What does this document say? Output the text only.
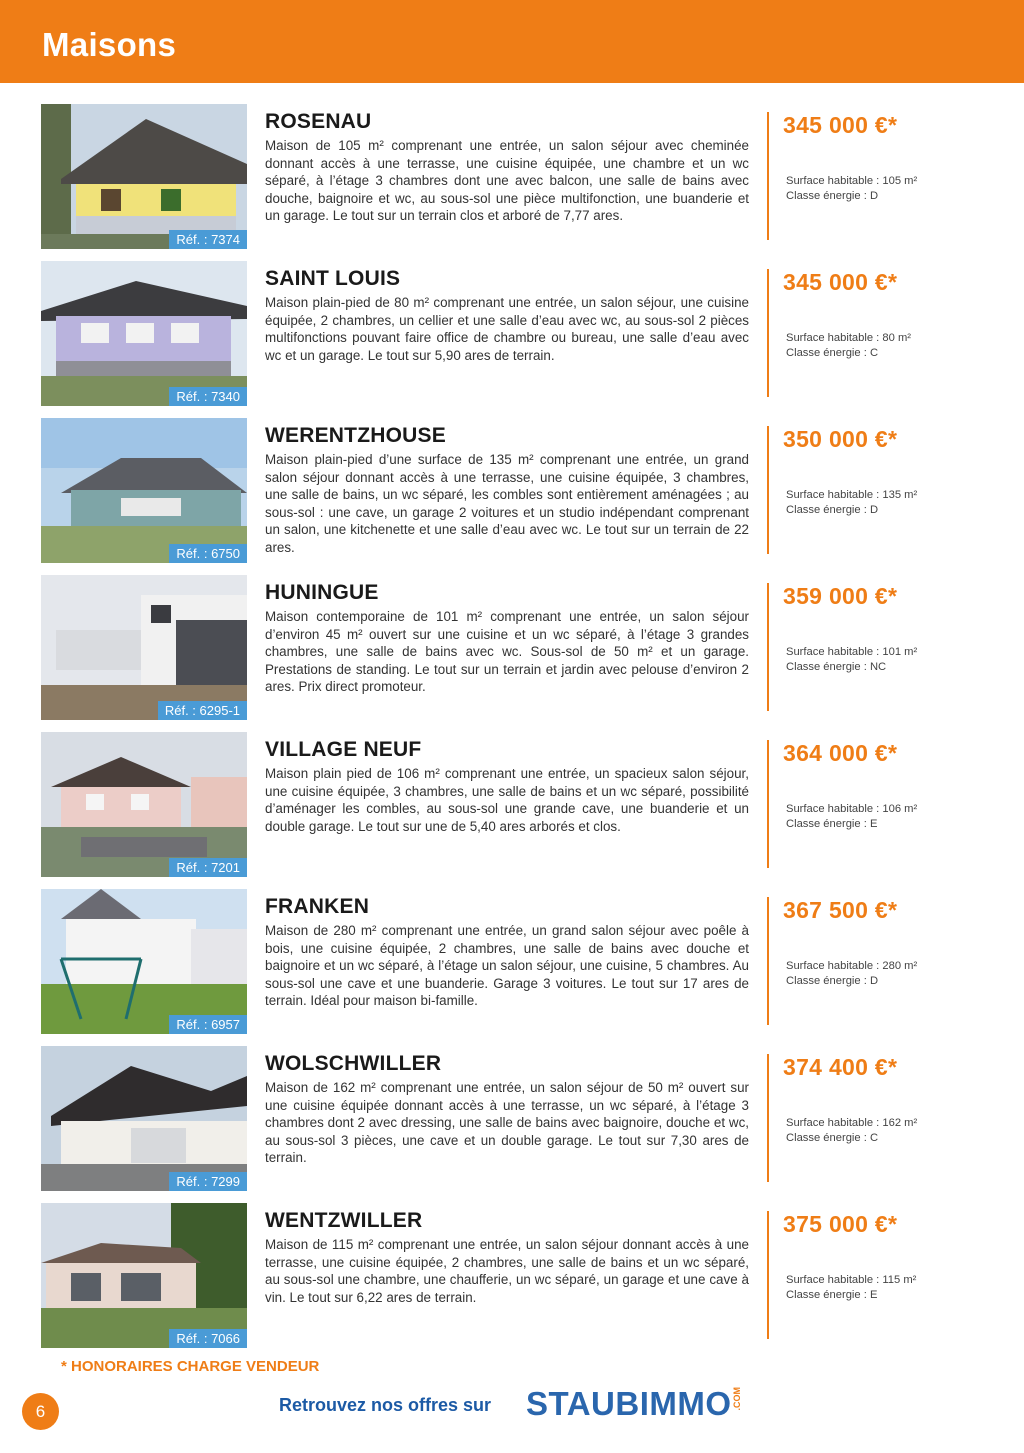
Maisons
Réf. : 7374
ROSENAU
Maison de 105 m² comprenant une entrée, un salon séjour avec cheminée donnant accès à une terrasse, une cuisine équipée, une chambre et un wc séparé, à l’étage 3 chambres dont une avec balcon, une salle de bains avec douche, baignoire et wc, au sous-sol une pièce multifonction, une buanderie et un garage. Le tout sur un terrain clos et arboré de 7,77 ares.
345 000 €*
Surface habitable : 105 m²
Classe énergie : D
Réf. : 7340
SAINT LOUIS
Maison plain-pied de 80 m² comprenant une entrée, un salon séjour, une cuisine équipée, 2 chambres, un cellier et une salle d’eau avec wc, au sous-sol 2 pièces multifonctions pouvant faire office de chambre ou bureau, une salle d’eau avec wc et un garage. Le tout sur 5,90 ares de terrain.
345 000 €*
Surface habitable : 80 m²
Classe énergie : C
Réf. : 6750
WERENTZHOUSE
Maison plain-pied d’une surface de 135 m² comprenant une entrée, un grand salon séjour donnant accès à une terrasse, une cuisine équipée, 3 chambres, une salle de bains, un wc séparé, les combles sont entièrement aménagées ; au sous-sol : une cave, un garage 2 voitures et un studio indépendant comprenant un salon, une kitchenette et une salle d’eau avec wc. Le tout sur un terrain de 22 ares.
350 000 €*
Surface habitable : 135 m²
Classe énergie : D
Réf. : 6295-1
HUNINGUE
Maison contemporaine de 101 m² comprenant une entrée, un salon séjour d’environ 45 m² ouvert sur une cuisine et un wc séparé, à l’étage 3 grandes chambres, une salle de bains avec wc. Sous-sol de 50 m² et un garage. Prestations de standing. Le tout sur un terrain et jardin avec pelouse d’environ 2 ares. Prix direct promoteur.
359 000 €*
Surface habitable : 101 m²
Classe énergie : NC
Réf. : 7201
VILLAGE NEUF
Maison plain pied de 106 m² comprenant une entrée, un spacieux salon séjour, une cuisine équipée, 3 chambres, une salle de bains et un wc séparé, possibilité d’aménager les combles, au sous-sol une grande cave, une buanderie et un double garage. Le tout sur une de 5,40 ares arborés et clos.
364 000 €*
Surface habitable : 106 m²
Classe énergie : E
Réf. : 6957
FRANKEN
Maison de 280 m² comprenant une entrée, un grand salon séjour avec poêle à bois, une cuisine équipée, 2 chambres, une salle de bains avec douche et baignoire et un wc séparé, à l’étage un salon séjour, une cuisine, 5 chambres. Au sous-sol une cave et une buanderie. Garage 3 voitures. Le tout sur 17 ares de terrain. Idéal pour maison bi-famille.
367 500 €*
Surface habitable : 280 m²
Classe énergie : D
Réf. : 7299
WOLSCHWILLER
Maison de 162 m² comprenant une entrée, un salon séjour de 50 m² ouvert sur une cuisine équipée donnant accès à une terrasse, un wc séparé, à l’étage 3 chambres dont 2 avec dressing, une salle de bains avec baignoire, douche et wc, au sous-sol 3 pièces, une cave et un double garage. Le tout sur 7,30 ares de terrain.
374 400 €*
Surface habitable : 162 m²
Classe énergie : C
Réf. : 7066
WENTZWILLER
Maison de 115 m² comprenant une entrée, un salon séjour donnant accès à une terrasse, une cuisine équipée, 2 chambres, une salle de bains et un wc séparé, au sous-sol une chambre, une chaufferie, un wc séparé, un garage et une cave à vin. Le tout sur 6,22 ares de terrain.
375 000 €*
Surface habitable : 115 m²
Classe énergie : E
* HONORAIRES CHARGE VENDEUR
6	Retrouvez nos offres sur STAUBIMMO .COM
